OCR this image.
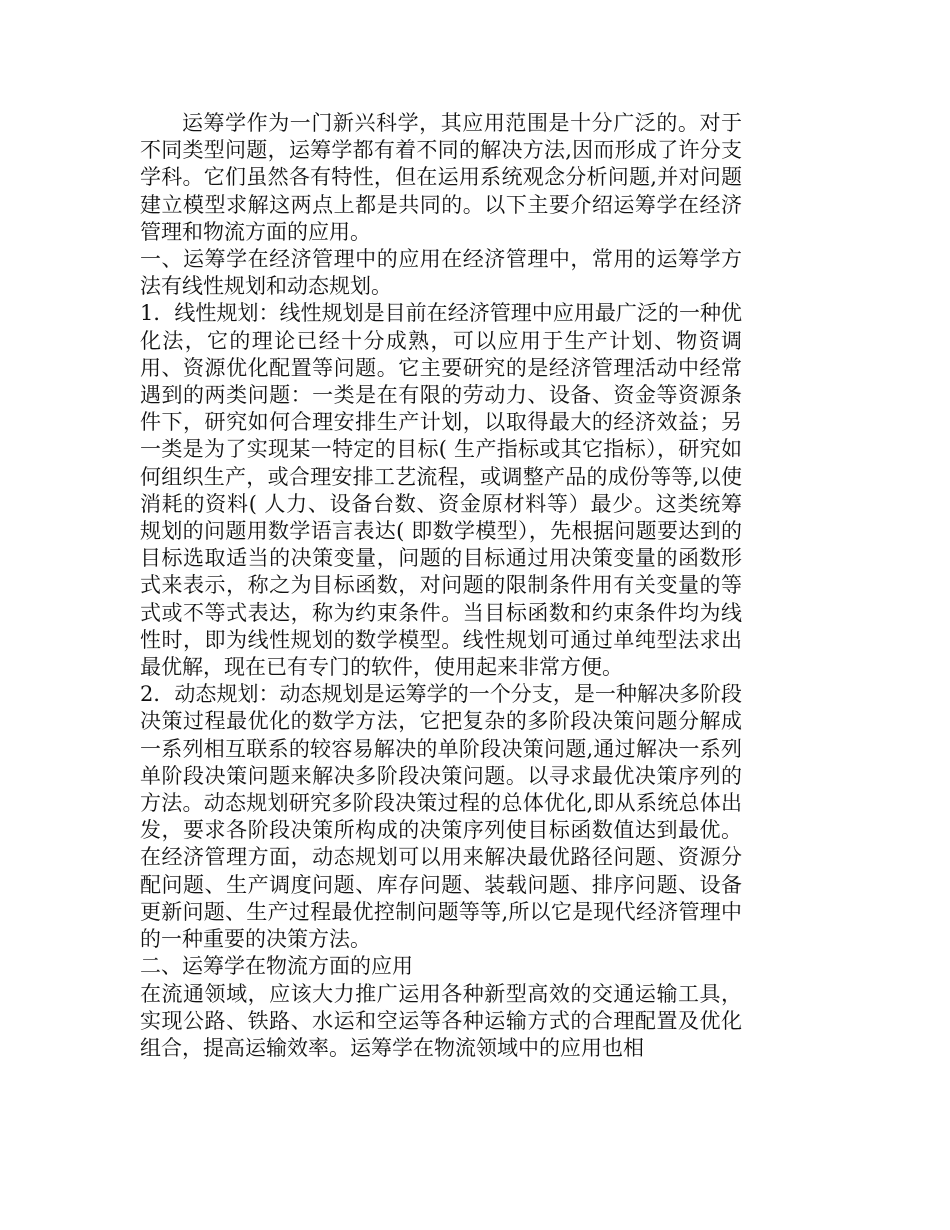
运筹学作为一门新兴科学，其应用范围是十分广泛的。对于不同类型问题，运筹学都有着不同的解决方法,因而形成了许分支学科。它们虽然各有特性，但在运用系统观念分析问题,并对问题建立模型求解这两点上都是共同的。以下主要介绍运筹学在经济管理和物流方面的应用。

一、运筹学在经济管理中的应用在经济管理中，常用的运筹学方法有线性规划和动态规划。

1．线性规划：线性规划是目前在经济管理中应用最广泛的一种优化法，它的理论已经十分成熟，可以应用于生产计划、物资调用、资源优化配置等问题。它主要研究的是经济管理活动中经常遇到的两类问题：一类是在有限的劳动力、设备、资金等资源条件下，研究如何合理安排生产计划，以取得最大的经济效益；另一类是为了实现某一特定的目标( 生产指标或其它指标），研究如何组织生产，或合理安排工艺流程，或调整产品的成份等等,以使消耗的资料( 人力、设备台数、资金原材料等）最少。这类统筹规划的问题用数学语言表达( 即数学模型），先根据问题要达到的目标选取适当的决策变量，问题的目标通过用决策变量的函数形式来表示，称之为目标函数，对问题的限制条件用有关变量的等式或不等式表达，称为约束条件。当目标函数和约束条件均为线性时，即为线性规划的数学模型。线性规划可通过单纯型法求出最优解，现在已有专门的软件，使用起来非常方便。

2．动态规划：动态规划是运筹学的一个分支，是一种解决多阶段决策过程最优化的数学方法，它把复杂的多阶段决策问题分解成一系列相互联系的较容易解决的单阶段决策问题,通过解决一系列单阶段决策问题来解决多阶段决策问题。以寻求最优决策序列的方法。动态规划研究多阶段决策过程的总体优化,即从系统总体出发，要求各阶段决策所构成的决策序列使目标函数值达到最优。在经济管理方面，动态规划可以用来解决最优路径问题、资源分配问题、生产调度问题、库存问题、装载问题、排序问题、设备更新问题、生产过程最优控制问题等等,所以它是现代经济管理中的一种重要的决策方法。

二、运筹学在物流方面的应用

在流通领域，应该大力推广运用各种新型高效的交通运输工具，实现公路、铁路、水运和空运等各种运输方式的合理配置及优化组合，提高运输效率。运筹学在物流领域中的应用也相
